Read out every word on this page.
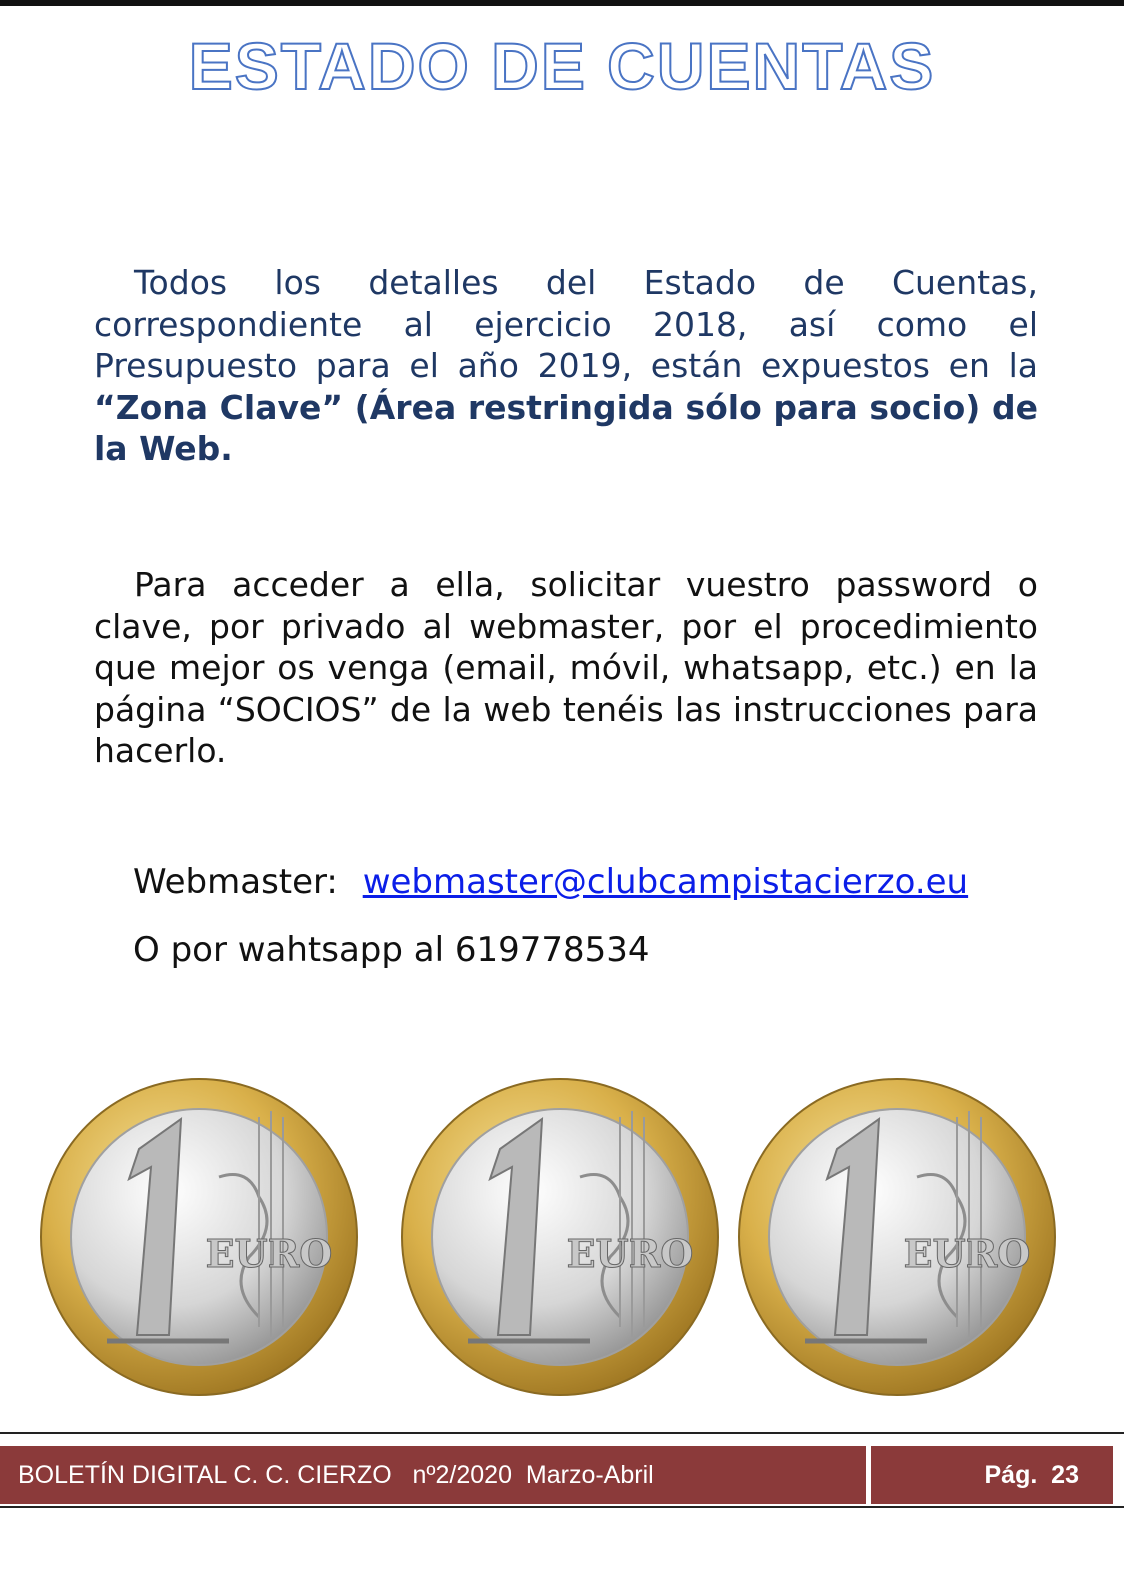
ESTADO DE CUENTAS

Todos los detalles del Estado de Cuentas, correspondiente al ejercicio 2018, así como el Presupuesto para el año 2019, están expuestos en la “Zona Clave” (Área restringida sólo para socio) de la Web.

Para acceder a ella, solicitar vuestro password o clave, por privado al webmaster, por el procedimiento que mejor os venga (email, móvil, whatsapp, etc.) en la página “SOCIOS” de la web tenéis las instrucciones para hacerlo.

Webmaster: webmaster@clubcampistacierzo.eu
O por wahtsapp al 619778534
EURO
BOLETÍN DIGITAL C. C. CIERZO   nº2/2020  Marzo-Abril	Pág.  23
